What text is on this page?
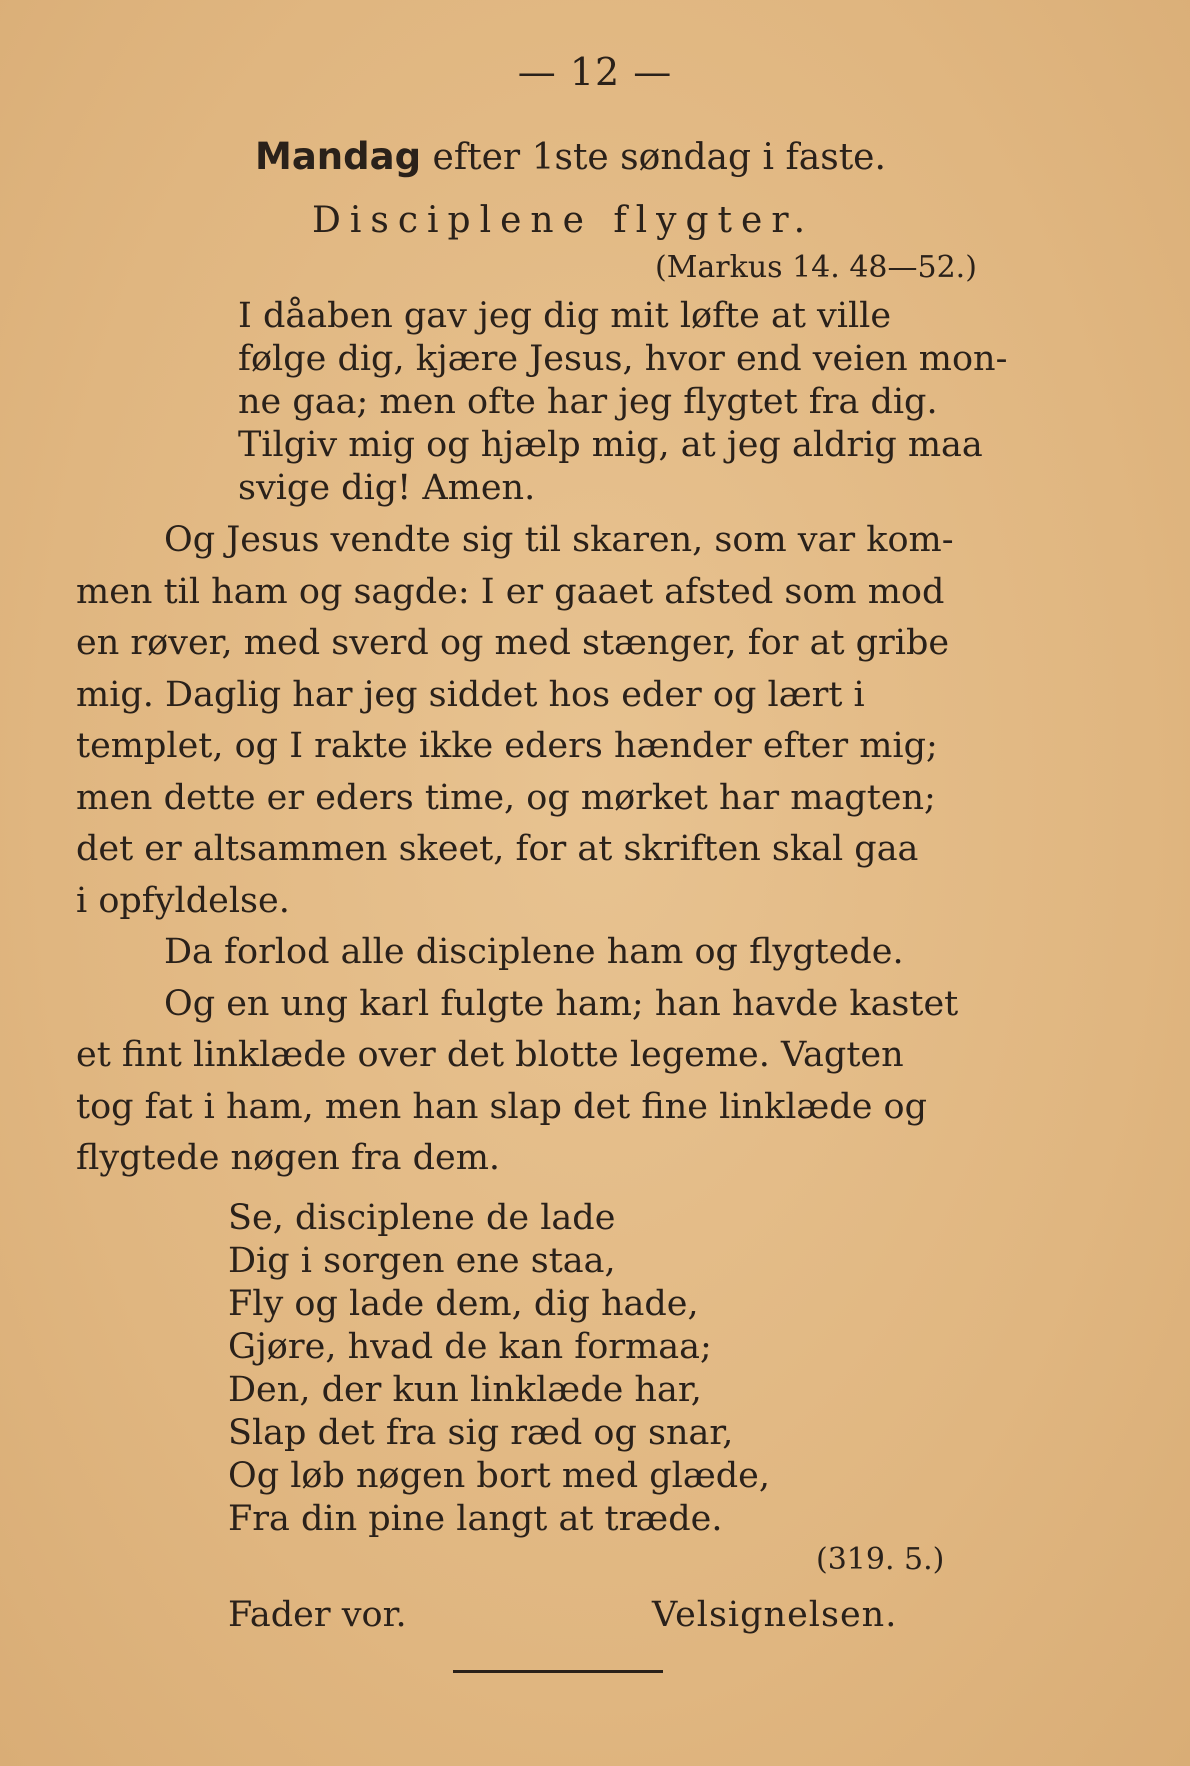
— 12 —
Mandag efter 1ste søndag i faste.
Disciplene flygter.
(Markus 14. 48—52.)
I dåaben gav jeg dig mit løfte at ville
følge dig, kjære Jesus, hvor end veien mon-
ne gaa; men ofte har jeg flygtet fra dig.
Tilgiv mig og hjælp mig, at jeg aldrig maa
svige dig! Amen.
Og Jesus vendte sig til skaren, som var kom-
men til ham og sagde: I er gaaet afsted som mod
en røver, med sverd og med stænger, for at gribe
mig. Daglig har jeg siddet hos eder og lært i
templet, og I rakte ikke eders hænder efter mig;
men dette er eders time, og mørket har magten;
det er altsammen skeet, for at skriften skal gaa
i opfyldelse.
Da forlod alle disciplene ham og flygtede.
Og en ung karl fulgte ham; han havde kastet
et fint linklæde over det blotte legeme. Vagten
tog fat i ham, men han slap det fine linklæde og
flygtede nøgen fra dem.
Se, disciplene de lade
Dig i sorgen ene staa,
Fly og lade dem, dig hade,
Gjøre, hvad de kan formaa;
Den, der kun linklæde har,
Slap det fra sig ræd og snar,
Og løb nøgen bort med glæde,
Fra din pine langt at træde.
(319. 5.)
Fader vor.	Velsignelsen.
